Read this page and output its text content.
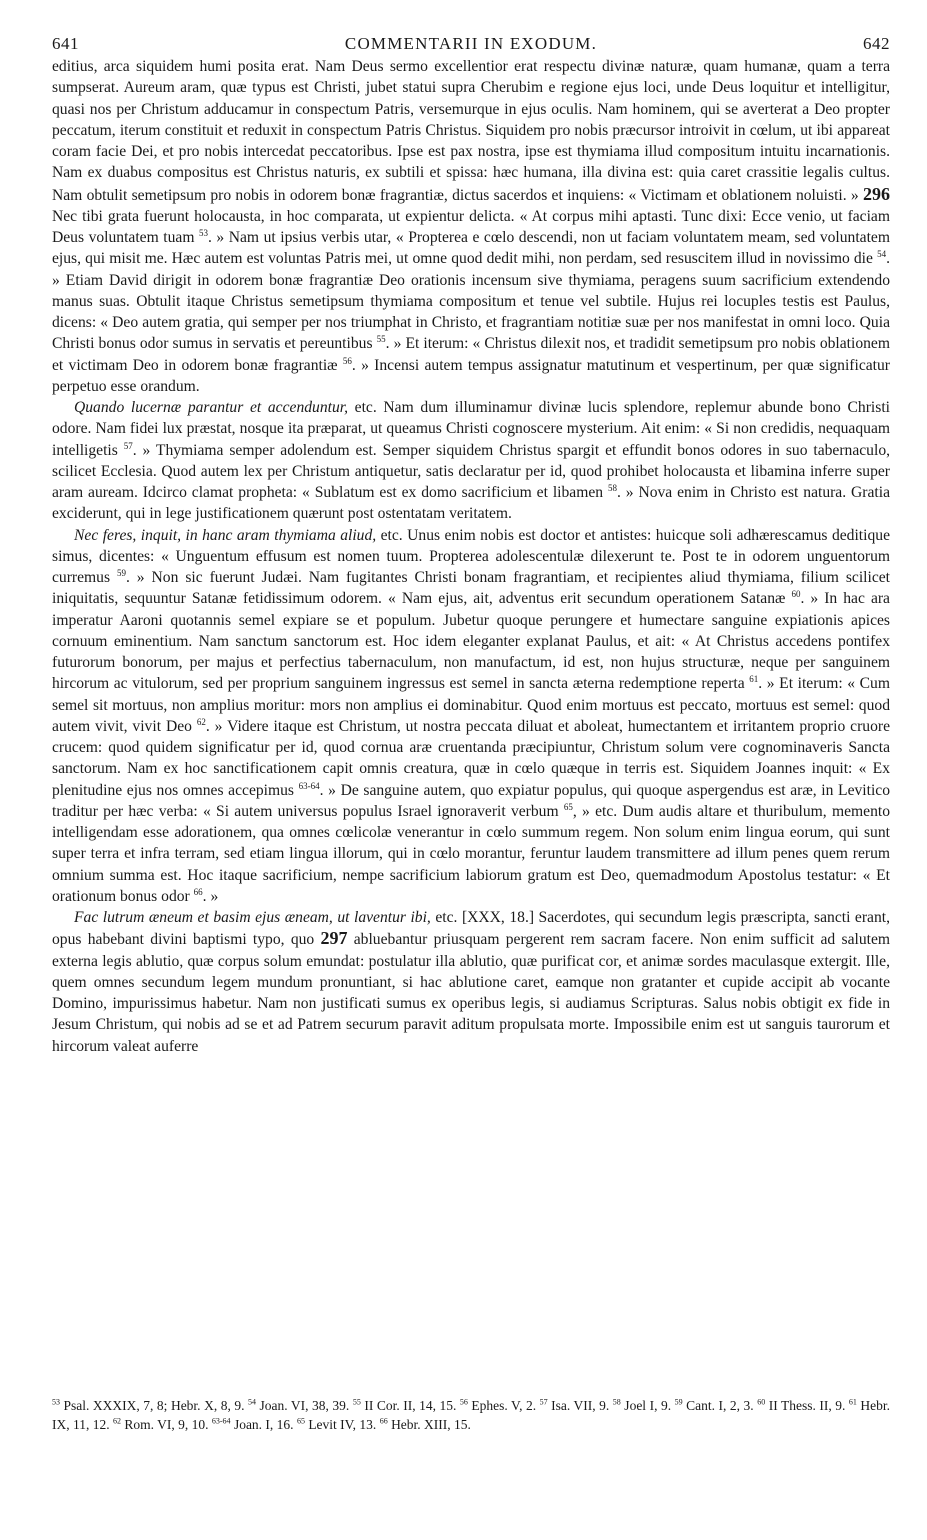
641	COMMENTARII IN EXODUM.	642

editius, arca siquidem humi posita erat. Nam Deus sermo excellentior erat respectu divinæ naturæ, quam humanæ, quam a terra sumpserat. Aureum aram, quæ typus est Christi, jubet statui supra Cherubim e regione ejus loci, unde Deus loquitur et intelligitur, quasi nos per Christum adducamur in conspectum Patris, versemurque in ejus oculis. Nam hominem, qui se averterat a Deo propter peccatum, iterum constituit et reduxit in conspectum Patris Christus. Siquidem pro nobis præcursor introivit in cœlum, ut ibi appareat coram facie Dei, et pro nobis intercedat peccatoribus. Ipse est pax nostra, ipse est thymiama illud compositum intuitu incarnationis. Nam ex duabus compositus est Christus naturis, ex subtili et spissa: hæc humana, illa divina est: quia caret crassitie legalis cultus. Nam obtulit semetipsum pro nobis in odorem bonæ fragrantiæ, dictus sacerdos et inquiens: « Victimam et oblationem noluisti. » 296 Nec tibi grata fuerunt holocausta, in hoc comparata, ut expientur delicta. « At corpus mihi aptasti. Tunc dixi: Ecce venio, ut faciam Deus voluntatem tuam $^{53}$. » Nam ut ipsius verbis utar, « Propterea e cœlo descendi, non ut faciam voluntatem meam, sed voluntatem ejus, qui misit me. Hæc autem est voluntas Patris mei, ut omne quod dedit mihi, non perdam, sed resuscitem illud in novissimo die $^{54}$. » Etiam David dirigit in odorem bonæ fragrantiæ Deo orationis incensum sive thymiama, peragens suum sacrificium extendendo manus suas. Obtulit itaque Christus semetipsum thymiama compositum et tenue vel subtile. Hujus rei locuples testis est Paulus, dicens: « Deo autem gratia, qui semper per nos triumphat in Christo, et fragrantiam notitiæ suæ per nos manifestat in omni loco. Quia Christi bonus odor sumus in servatis et pereuntibus $^{55}$. » Et iterum: « Christus dilexit nos, et tradidit semetipsum pro nobis oblationem et victimam Deo in odorem bonæ fragrantiæ $^{56}$. » Incensi autem tempus assignatur matutinum et vespertinum, per quæ significatur perpetuo esse orandum.

Quando lucernæ parantur et accenduntur, etc. Nam dum illuminamur divinæ lucis splendore, replemur abunde bono Christi odore. Nam fidei lux præstat, nosque ita præparat, ut queamus Christi cognoscere mysterium. Ait enim: « Si non credidis, nequaquam intelligetis $^{57}$. » Thymiama semper adolendum est. Semper siquidem Christus spargit et effundit bonos odores in suo tabernaculo, scilicet Ecclesia. Quod autem lex per Christum antiquetur, satis declaratur per id, quod prohibet holocausta et libamina inferre super aram auream. Idcirco clamat propheta: « Sublatum est ex domo sacrificium et libamen $^{58}$. » Nova enim in Christo est natura. Gratia exciderunt, qui in lege justificationem quærunt post ostentatam veritatem.

Nec feres, inquit, in hanc aram thymiama aliud, etc. Unus enim nobis est doctor et antistes: huicque soli adhærescamus deditique simus, dicentes: « Unguentum effusum est nomen tuum. Propterea adolescentulæ dilexerunt te. Post te in odorem unguentorum curremus $^{59}$. » Non sic fuerunt Judæi. Nam fugitantes Christi bonam fragrantiam, et recipientes aliud thymiama, filium scilicet iniquitatis, sequuntur Satanæ fetidissimum odorem. « Nam ejus, ait, adventus erit secundum operationem Satanæ $^{60}$. » In hac ara imperatur Aaroni quotannis semel expiare se et populum. Jubetur quoque perungere et humectare sanguine expiationis apices cornuum eminentium. Nam sanctum sanctorum est. Hoc idem eleganter explanat Paulus, et ait: « At Christus accedens pontifex futurorum bonorum, per majus et perfectius tabernaculum, non manufactum, id est, non hujus structuræ, neque per sanguinem hircorum ac vitulorum, sed per proprium sanguinem ingressus est semel in sancta æterna redemptione reperta $^{61}$. » Et iterum: « Cum semel sit mortuus, non amplius moritur: mors non amplius ei dominabitur. Quod enim mortuus est peccato, mortuus est semel: quod autem vivit, vivit Deo $^{62}$. » Videre itaque est Christum, ut nostra peccata diluat et aboleat, humectantem et irritantem proprio cruore crucem: quod quidem significatur per id, quod cornua aræ cruentanda præcipiuntur, Christum solum vere cognominaveris Sancta sanctorum. Nam ex hoc sanctificationem capit omnis creatura, quæ in cœlo quæque in terris est. Siquidem Joannes inquit: « Ex plenitudine ejus nos omnes accepimus $^{63-64}$. » De sanguine autem, quo expiatur populus, qui quoque aspergendus est aræ, in Levitico traditur per hæc verba: « Si autem universus populus Israel ignoraverit verbum $^{65}$, » etc. Dum audis altare et thuribulum, memento intelligendam esse adorationem, qua omnes cœlicolæ venerantur in cœlo summum regem. Non solum enim lingua eorum, qui sunt super terra et infra terram, sed etiam lingua illorum, qui in cœlo morantur, feruntur laudem transmittere ad illum penes quem rerum omnium summa est. Hoc itaque sacrificium, nempe sacrificium labiorum gratum est Deo, quemadmodum Apostolus testatur: « Et orationum bonus odor $^{66}$. »

Fac lutrum æneum et basim ejus æneam, ut laventur ibi, etc. [XXX, 18.] Sacerdotes, qui secundum legis præscripta, sancti erant, opus habebant divini baptismi typo, quo 297 abluebantur priusquam pergerent rem sacram facere. Non enim sufficit ad salutem externa legis ablutio, quæ corpus solum emundat: postulatur illa ablutio, quæ purificat cor, et animæ sordes maculasque extergit. Ille, quem omnes secundum legem mundum pronuntiant, si hac ablutione caret, eamque non gratanter et cupide accipit ab vocante Domino, impurissimus habetur. Nam non justificati sumus ex operibus legis, si audiamus Scripturas. Salus nobis obtigit ex fide in Jesum Christum, qui nobis ad se et ad Patrem securum paravit aditum propulsata morte. Impossibile enim est ut sanguis taurorum et hircorum valeat auferre

$^{53}$ Psal. XXXIX, 7, 8; Hebr. X, 8, 9. $^{54}$ Joan. VI, 38, 39. $^{55}$ II Cor. II, 14, 15. $^{56}$ Ephes. V, 2. $^{57}$ Isa. VII, 9. $^{58}$ Joel I, 9. $^{59}$ Cant. I, 2, 3. $^{60}$ II Thess. II, 9. $^{61}$ Hebr. IX, 11, 12. $^{62}$ Rom. VI, 9, 10. $^{63-64}$ Joan. I, 16. $^{65}$ Levit IV, 13. $^{66}$ Hebr. XIII, 15.
